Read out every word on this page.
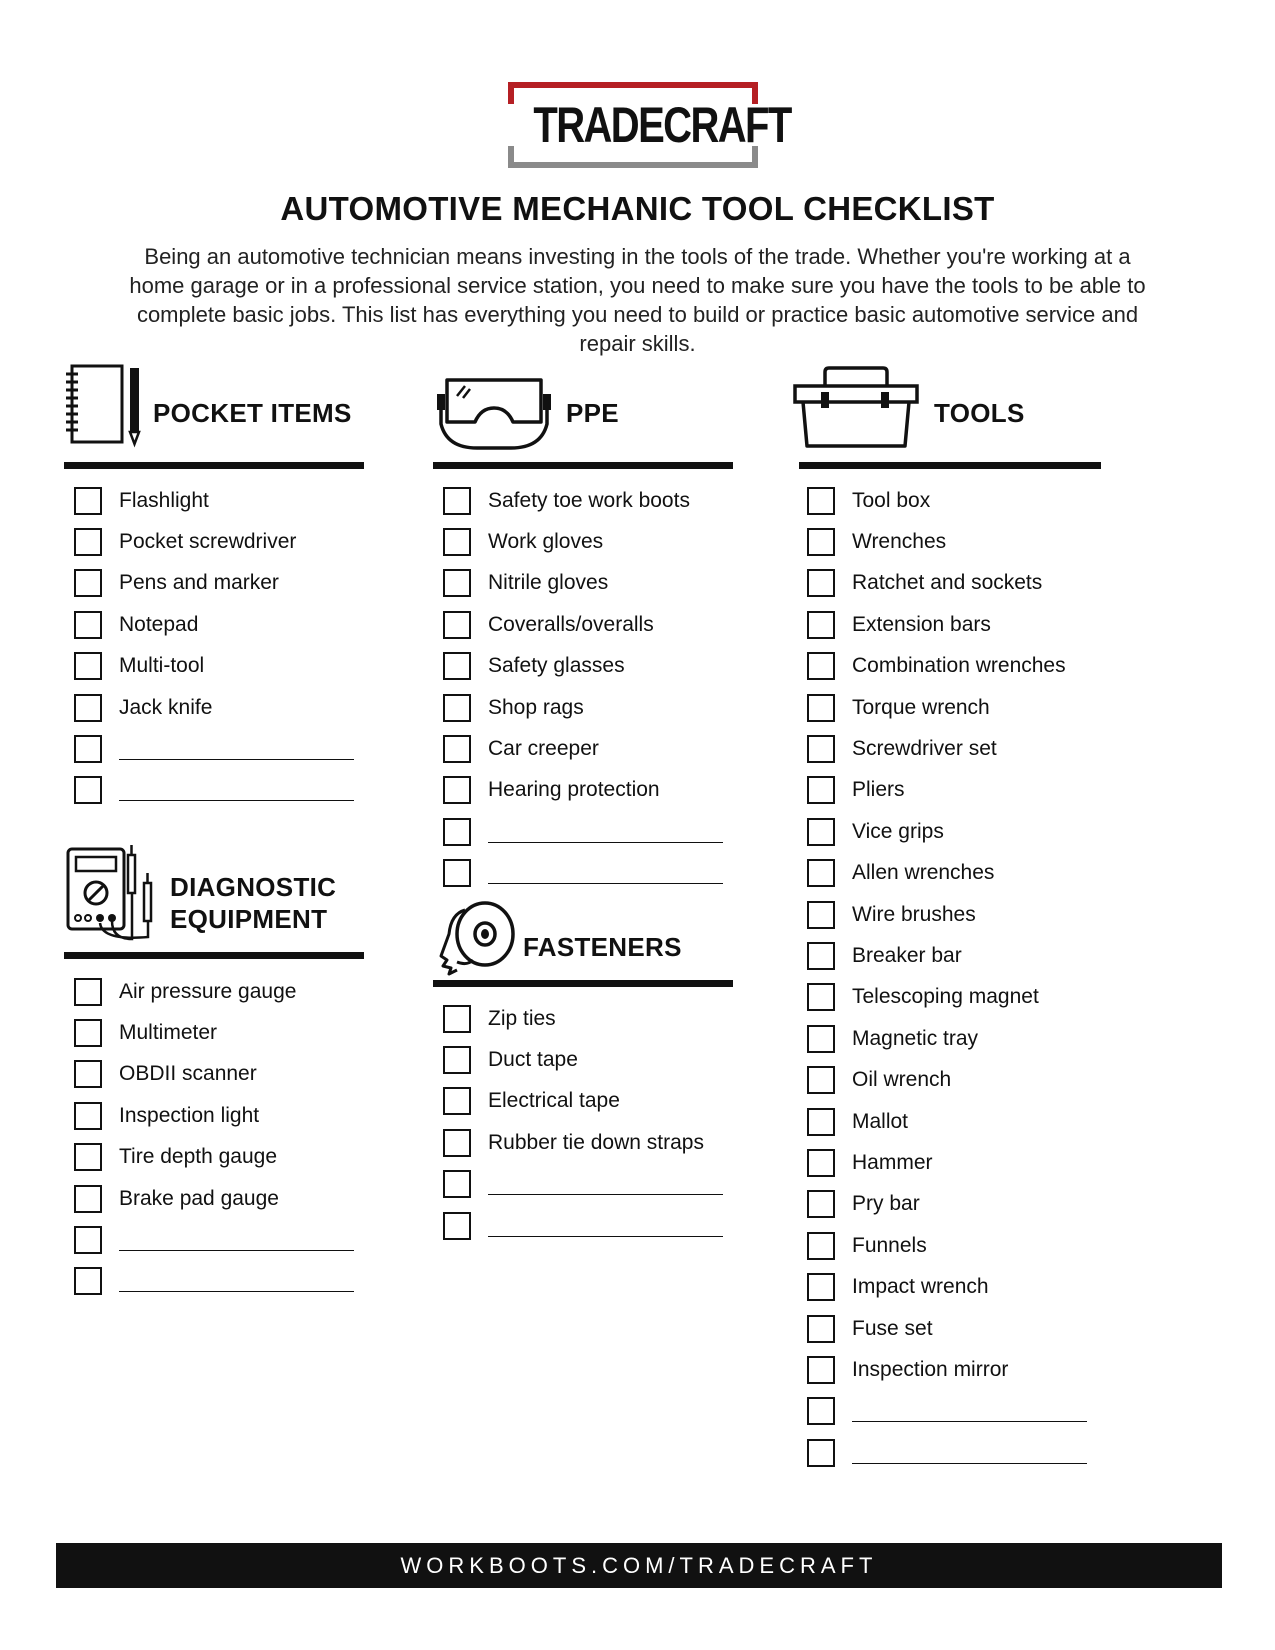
TRADECRAFT
AUTOMOTIVE MECHANIC TOOL CHECKLIST

Being an automotive technician means investing in the tools of the trade. Whether you're working at a home garage or in a professional service station, you need to make sure you have the tools to be able to complete basic jobs. This list has everything you need to build or practice basic automotive service and repair skills.

POCKET ITEMS
Flashlight
Pocket screwdriver
Pens and marker
Notepad
Multi-tool
Jack knife
DIAGNOSTIC
EQUIPMENT
Air pressure gauge
Multimeter
OBDII scanner
Inspection light
Tire depth gauge
Brake pad gauge
PPE
Safety toe work boots
Work gloves
Nitrile gloves
Coveralls/overalls
Safety glasses
Shop rags
Car creeper
Hearing protection
FASTENERS
Zip ties
Duct tape
Electrical tape
Rubber tie down straps
TOOLS
Tool box
Wrenches
Ratchet and sockets
Extension bars
Combination wrenches
Torque wrench
Screwdriver set
Pliers
Vice grips
Allen wrenches
Wire brushes
Breaker bar
Telescoping magnet
Magnetic tray
Oil wrench
Mallot
Hammer
Pry bar
Funnels
Impact wrench
Fuse set
Inspection mirror
WORKBOOTS.COM/TRADECRAFT
